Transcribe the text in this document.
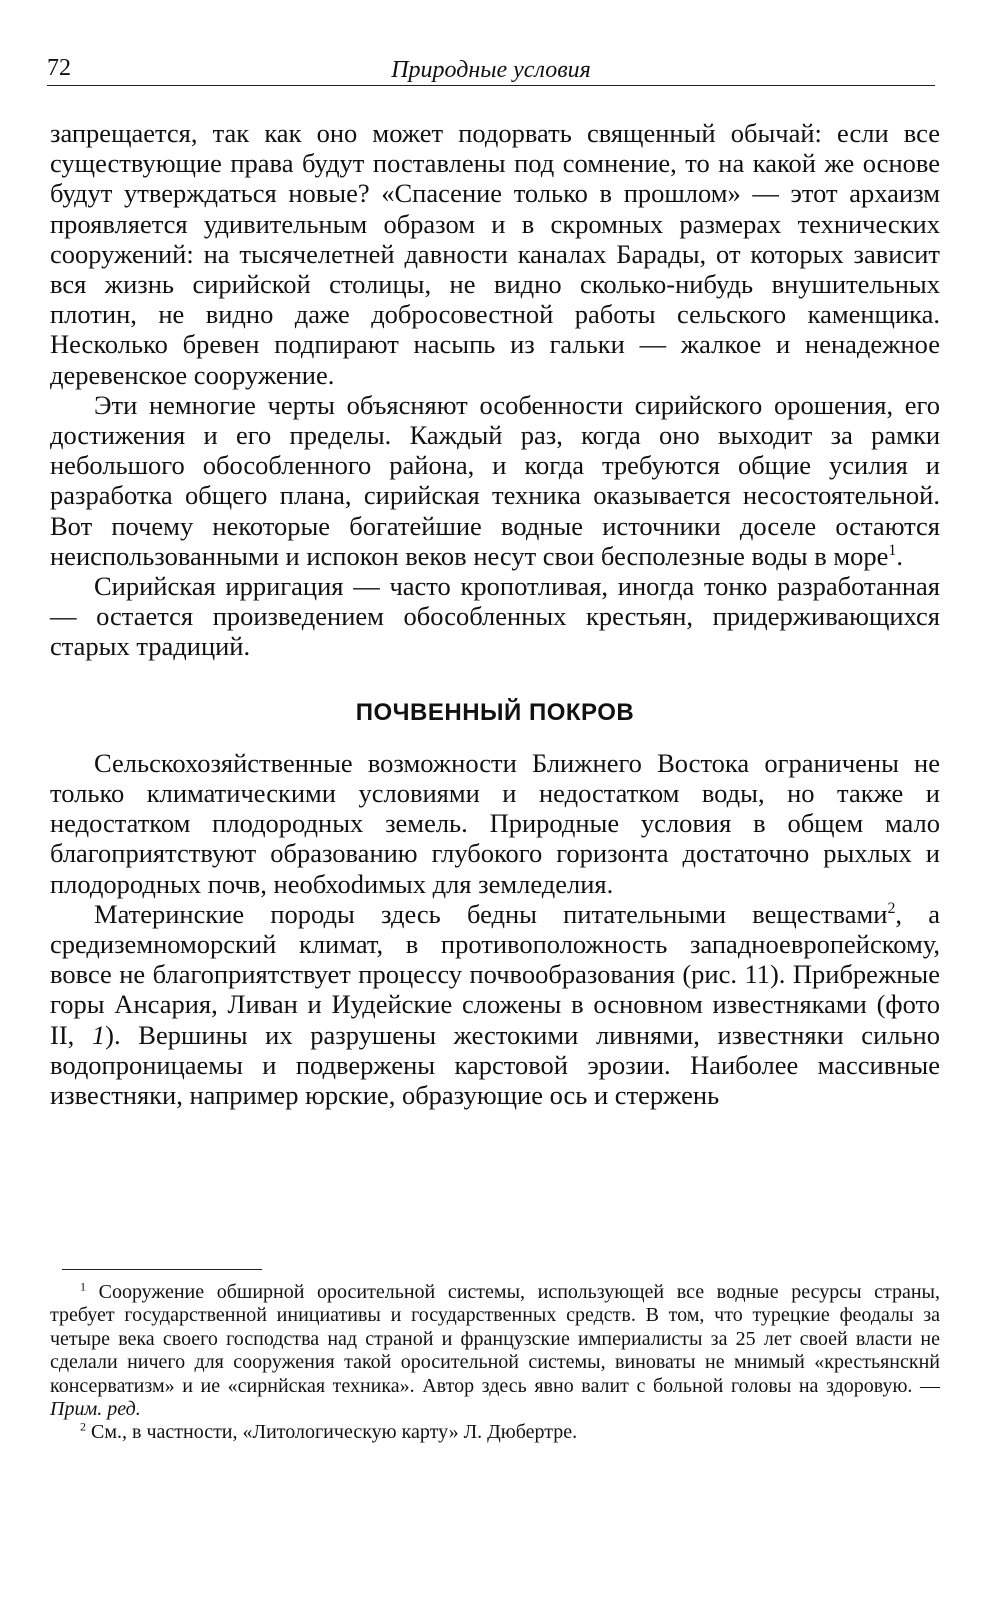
72	Природные условия

запрещается, так как оно может подорвать священный обычай: если все существующие права будут поставлены под сомнение, то на какой же основе будут утверждаться новые? «Спасение только в прошлом» — этот архаизм проявляется удивительным образом и в скромных размерах технических сооружений: на тысячелетней давности каналах Барады, от которых зависит вся жизнь сирийской столицы, не видно сколько-нибудь внушительных плотин, не видно даже добросовестной работы сельского каменщика. Несколько бревен подпирают насыпь из гальки — жалкое и ненадежное деревенское сооружение.

Эти немногие черты объясняют особенности сирийского орошения, его достижения и его пределы. Каждый раз, когда оно выходит за рамки небольшого обособленного района, и когда требуются общие усилия и разработка общего плана, сирийская техника оказывается несостоятельной. Вот почему некоторые богатейшие водные источники доселе остаются неиспользованными и испокон веков несут свои бесполезные воды в море$^1$.

Сирийская ирригация — часто кропотливая, иногда тонко разработанная — остается произведением обособленных крестьян, придерживающихся старых традиций.

ПОЧВЕННЫЙ ПОКРОВ

Сельскохозяйственные возможности Ближнего Востока ограничены не только климатическими условиями и недостатком воды, но также и недостатком плодородных земель. Природные условия в общем мало благоприятствуют образованию глубокого горизонта достаточно рыхлых и плодородных почв, необхоdимых для земледелия.

Материнские породы здесь бедны питательными веществами$^2$, а средиземноморский климат, в противоположность западноевропейскому, вовсе не благоприятствует процессу почвообразования (рис. 11). Прибрежные горы Ансария, Ливан и Иудейские сложены в основном известняками (фото II, 1). Вершины их разрушены жестокими ливнями, известняки сильно водопроницаемы и подвержены карстовой эрозии. Наиболее массивные известняки, например юрские, образующие ось и стержень

$^1$ Сооружение обширной оросительной системы, использующей все водные ресурсы страны, требует государственной инициативы и государственных средств. В том, что турецкие феодалы за четыре века своего господства над страной и французские империалисты за 25 лет своей власти не сделали ничего для сооружения такой оросительной системы, виноваты не мнимый «крестьянскнй консерватизм» и ие «сирнйская техника». Автор здесь явно валит с больной головы на здоровую. — Прим. ред.

$^2$ См., в частности, «Литологическую карту» Л. Дюбертре.
